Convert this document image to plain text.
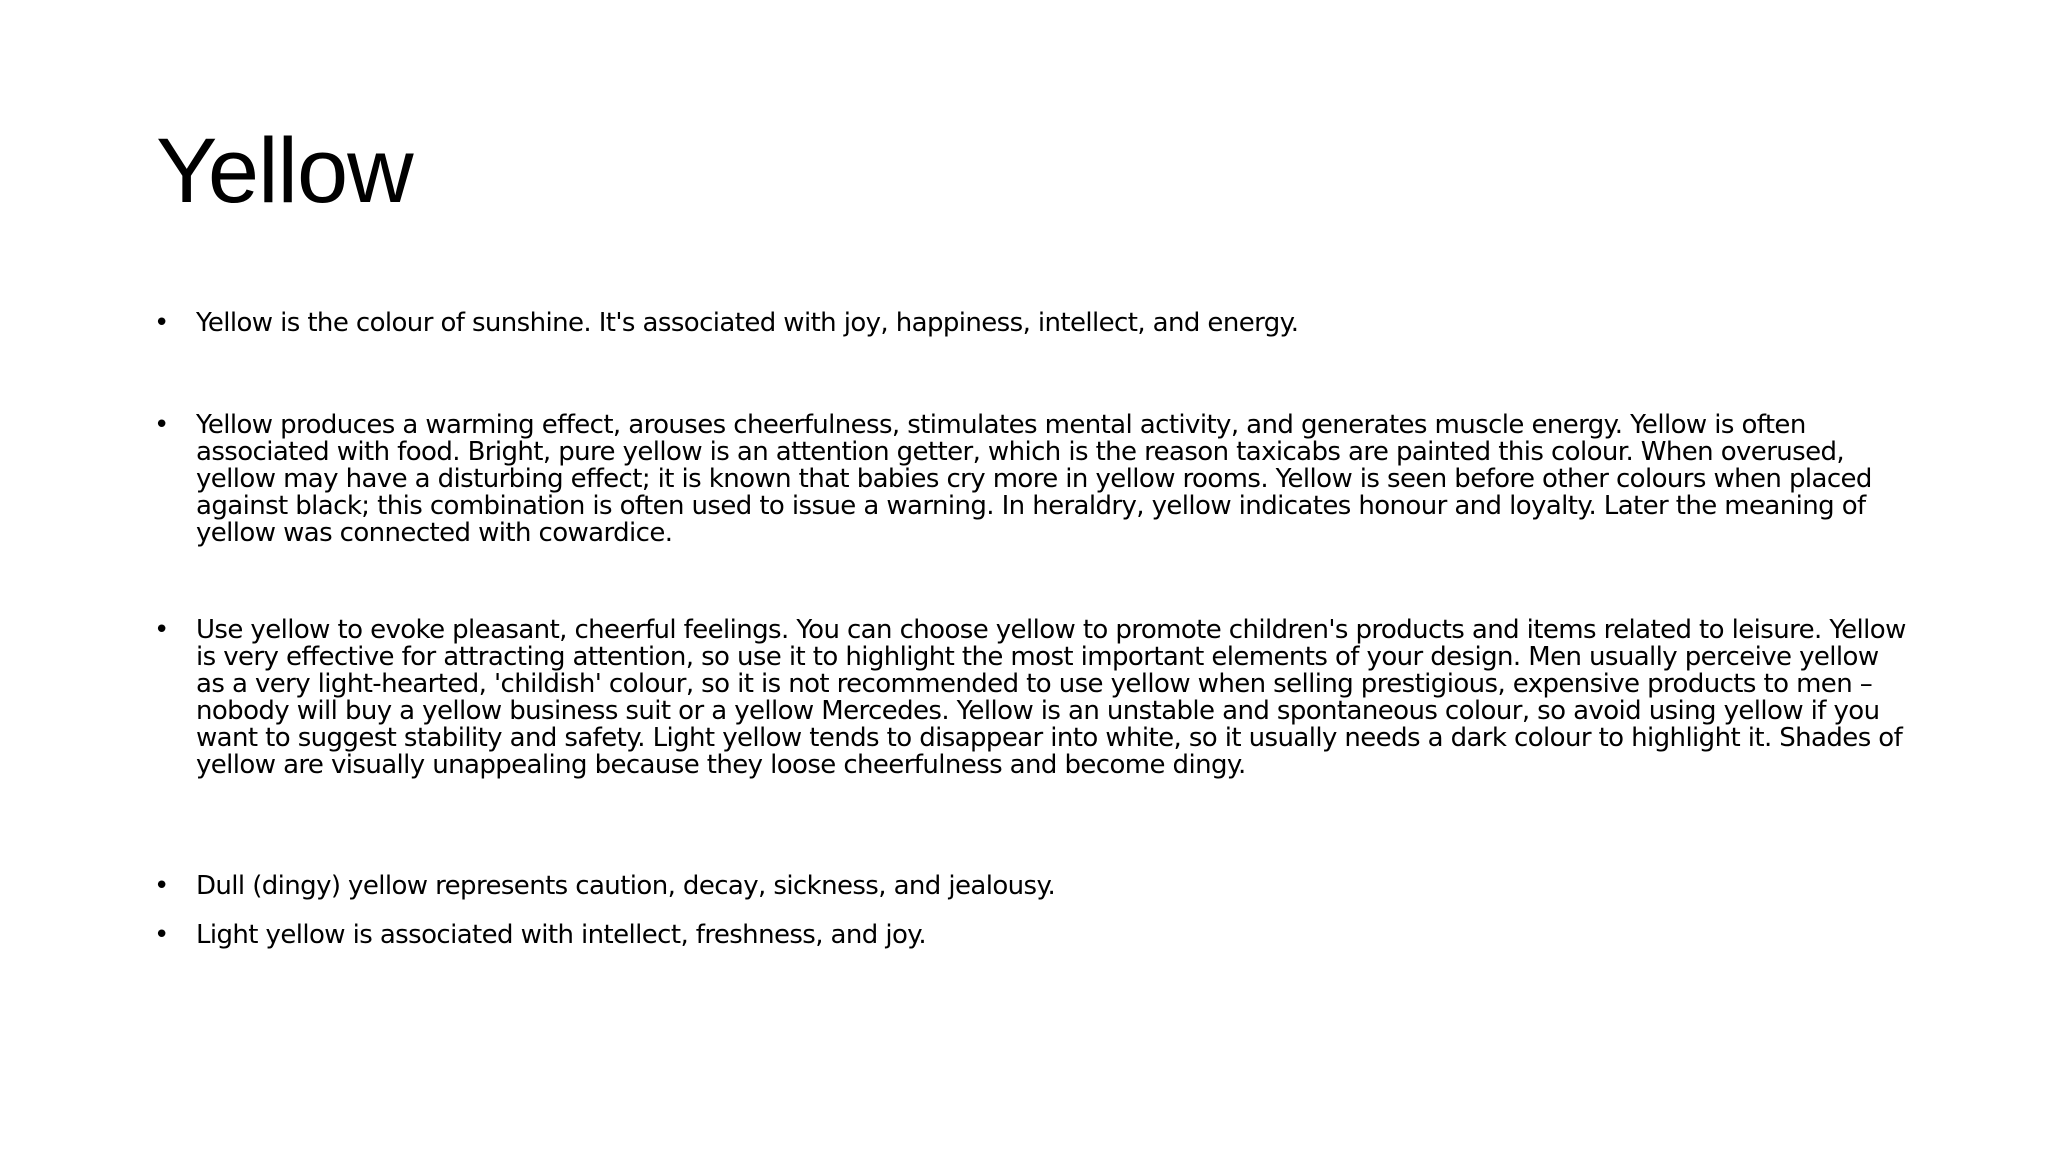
Yellow
•	Yellow is the colour of sunshine. It's associated with joy, happiness, intellect, and energy.
•	Yellow produces a warming effect, arouses cheerfulness, stimulates mental activity, and generates muscle energy. Yellow is often associated with food. Bright, pure yellow is an attention getter, which is the reason taxicabs are painted this colour. When overused, yellow may have a disturbing effect; it is known that babies cry more in yellow rooms. Yellow is seen before other colours when placed against black; this combination is often used to issue a warning. In heraldry, yellow indicates honour and loyalty. Later the meaning of yellow was connected with cowardice.
•	Use yellow to evoke pleasant, cheerful feelings. You can choose yellow to promote children's products and items related to leisure. Yellow is very effective for attracting attention, so use it to highlight the most important elements of your design. Men usually perceive yellow as a very light-hearted, 'childish' colour, so it is not recommended to use yellow when selling prestigious, expensive products to men – nobody will buy a yellow business suit or a yellow Mercedes. Yellow is an unstable and spontaneous colour, so avoid using yellow if you want to suggest stability and safety. Light yellow tends to disappear into white, so it usually needs a dark colour to highlight it. Shades of yellow are visually unappealing because they loose cheerfulness and become dingy.
•	Dull (dingy) yellow represents caution, decay, sickness, and jealousy.
•	Light yellow is associated with intellect, freshness, and joy.
